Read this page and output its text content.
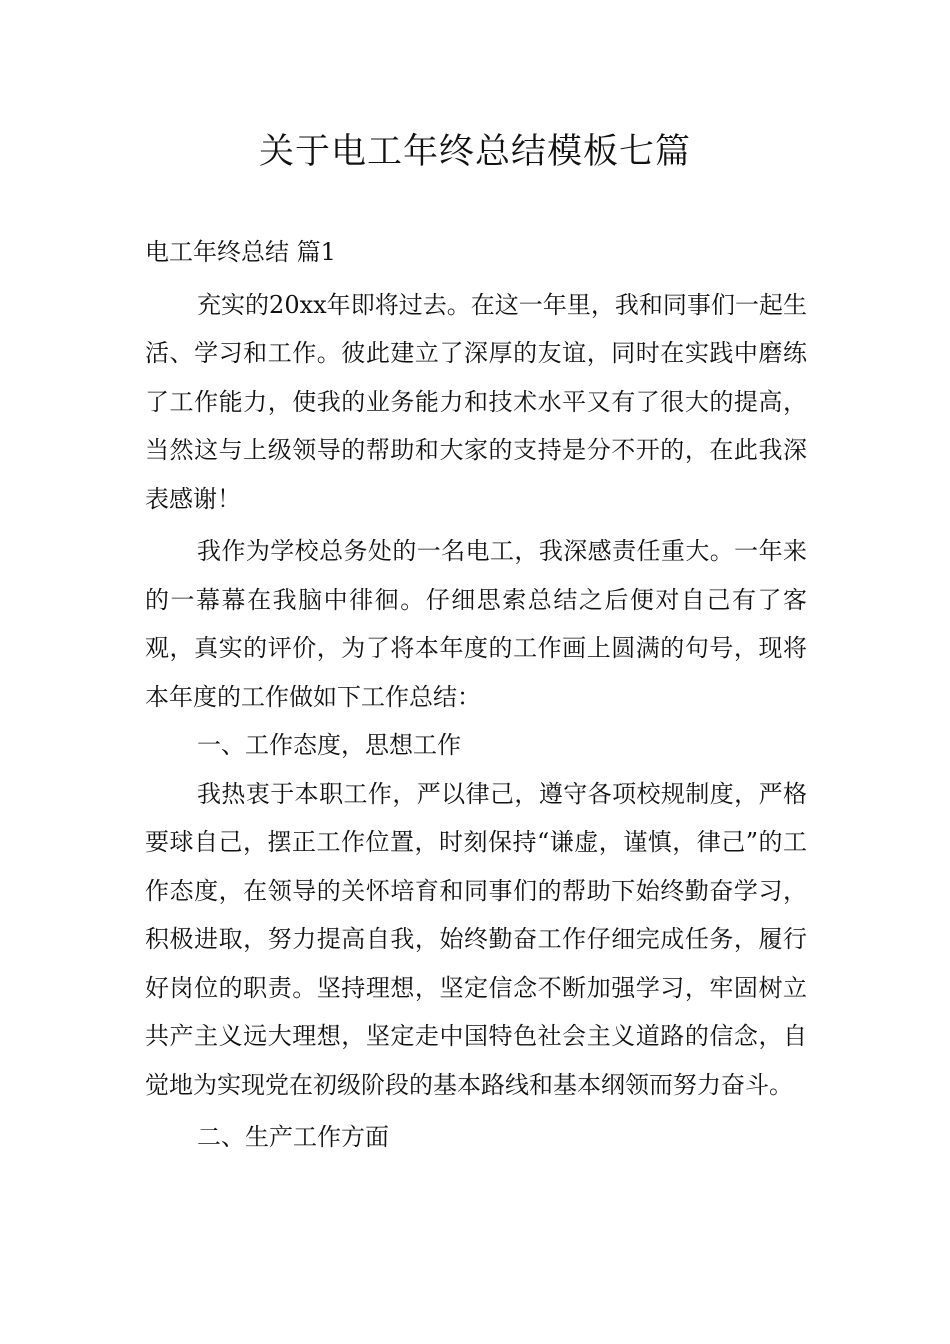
关于电工年终总结模板七篇

电工年终总结 篇1

充实的20xx年即将过去。在这一年里，我和同事们一起生活、学习和工作。彼此建立了深厚的友谊，同时在实践中磨练了工作能力，使我的业务能力和技术水平又有了很大的提高，当然这与上级领导的帮助和大家的支持是分不开的，在此我深表感谢！

我作为学校总务处的一名电工，我深感责任重大。一年来的一幕幕在我脑中徘徊。仔细思索总结之后便对自己有了客观，真实的评价，为了将本年度的工作画上圆满的句号，现将本年度的工作做如下工作总结：

一、工作态度，思想工作

我热衷于本职工作，严以律己，遵守各项校规制度，严格要球自己，摆正工作位置，时刻保持“谦虚，谨慎，律己”的工作态度，在领导的关怀培育和同事们的帮助下始终勤奋学习，积极进取，努力提高自我，始终勤奋工作仔细完成任务，履行好岗位的职责。坚持理想，坚定信念不断加强学习，牢固树立共产主义远大理想，坚定走中国特色社会主义道路的信念，自觉地为实现党在初级阶段的基本路线和基本纲领而努力奋斗。

二、生产工作方面
